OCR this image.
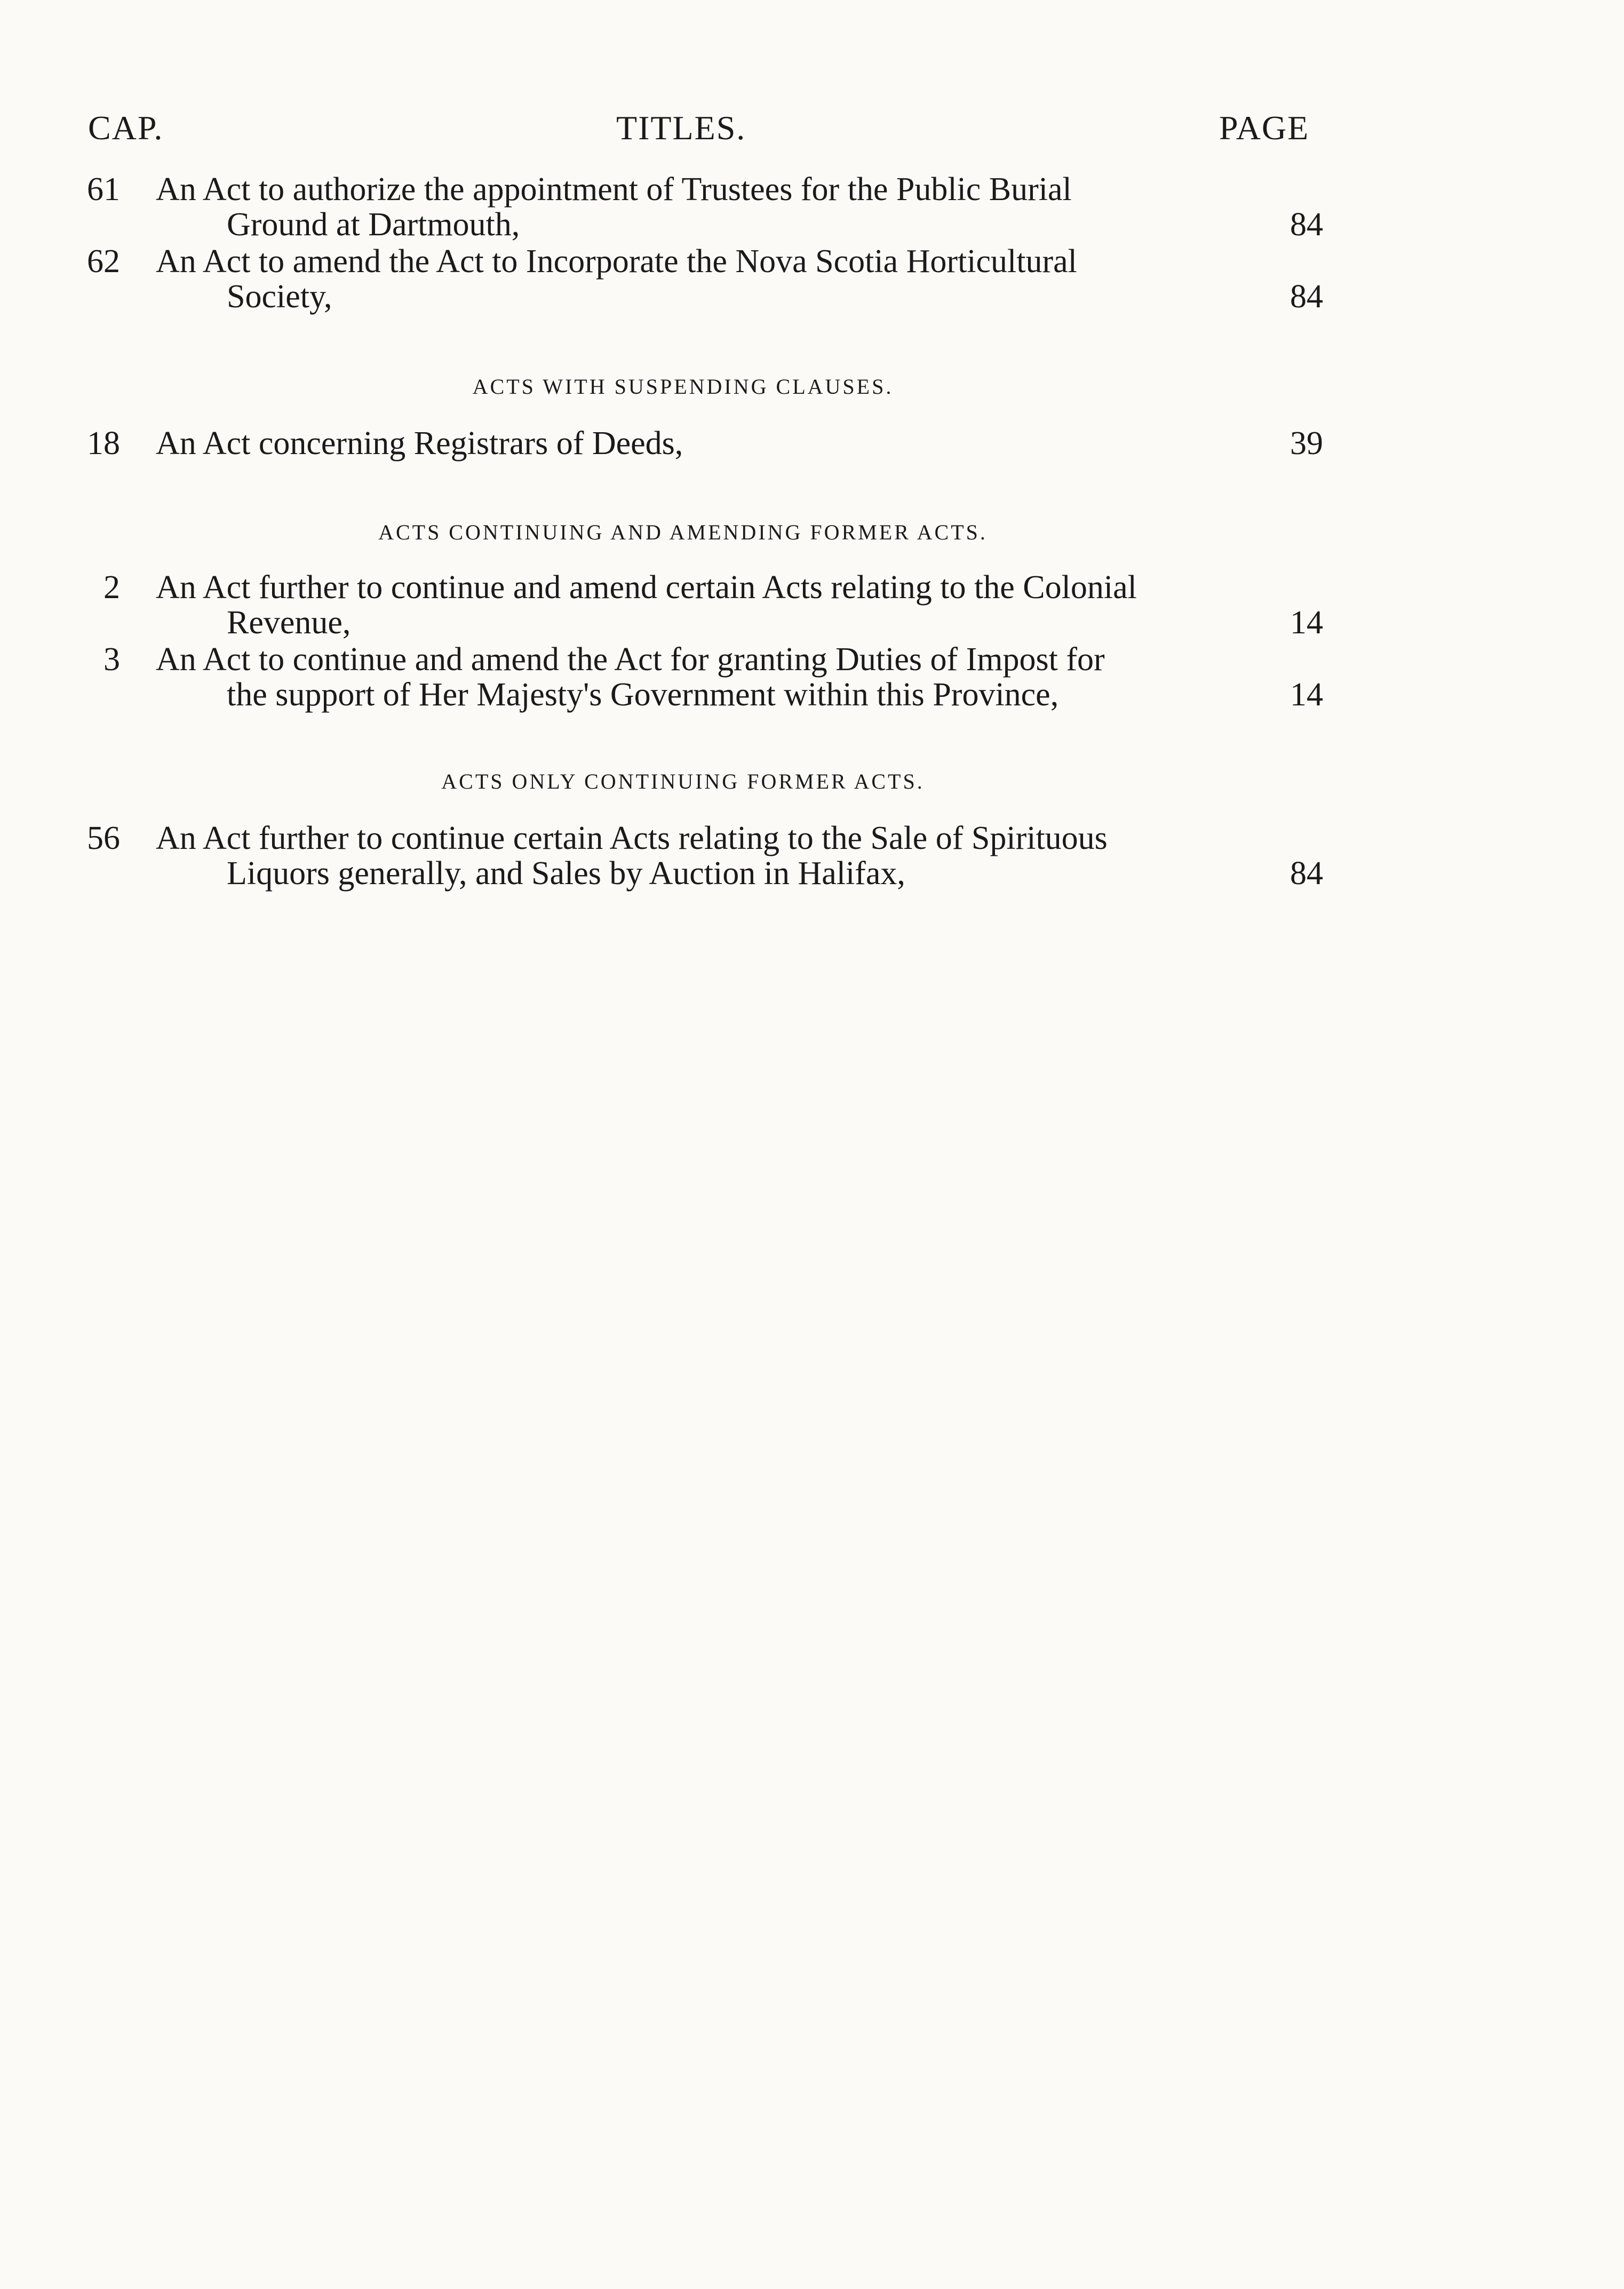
CAP.	TITLES.	PAGE
61 An Act to authorize the appointment of Trustees for the Public Burial
Ground at Dartmouth,	84
62 An Act to amend the Act to Incorporate the Nova Scotia Horticultural
Society,	84
ACTS WITH SUSPENDING CLAUSES.
18 An Act concerning Registrars of Deeds,	39
ACTS CONTINUING AND AMENDING FORMER ACTS.
2 An Act further to continue and amend certain Acts relating to the Colonial
Revenue,	14
3 An Act to continue and amend the Act for granting Duties of Impost for
the support of Her Majesty's Government within this Province,	14
ACTS ONLY CONTINUING FORMER ACTS.
56 An Act further to continue certain Acts relating to the Sale of Spirituous
Liquors generally, and Sales by Auction in Halifax,	84
